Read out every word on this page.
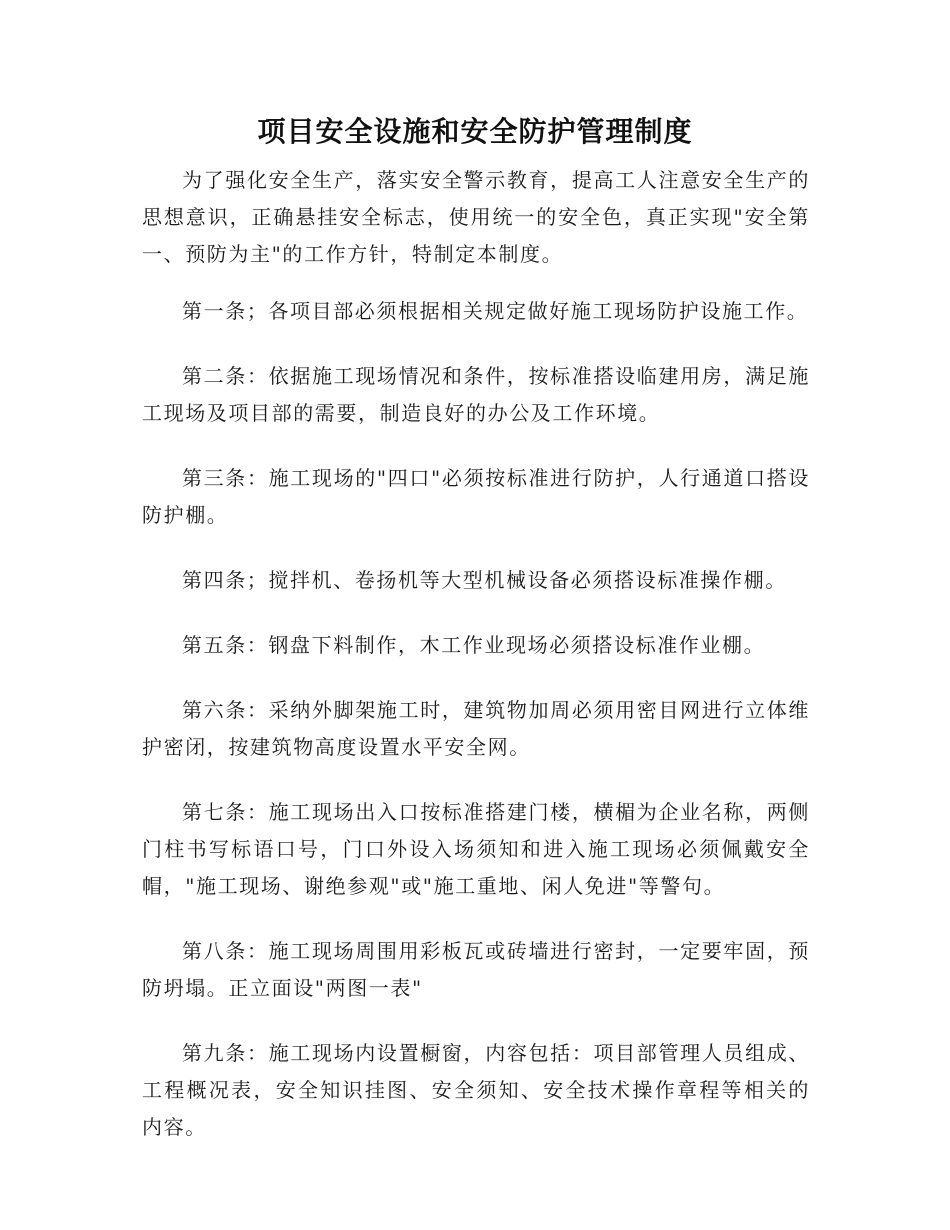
项目安全设施和安全防护管理制度

为了强化安全生产，落实安全警示教育，提高工人注意安全生产的思想意识，正确悬挂安全标志，使用统一的安全色，真正实现"安全第一、预防为主"的工作方针，特制定本制度。

第一条；各项目部必须根据相关规定做好施工现场防护设施工作。

第二条：依据施工现场情况和条件，按标准搭设临建用房，满足施工现场及项目部的需要，制造良好的办公及工作环境。

第三条：施工现场的"四口"必须按标准进行防护，人行通道口搭设防护棚。

第四条；搅拌机、卷扬机等大型机械设备必须搭设标准操作棚。

第五条：钢盘下料制作，木工作业现场必须搭设标准作业棚。

第六条：采纳外脚架施工时，建筑物加周必须用密目网进行立体维护密闭，按建筑物高度设置水平安全网。

第七条：施工现场出入口按标准搭建门楼，横楣为企业名称，两侧门柱书写标语口号，门口外设入场须知和进入施工现场必须佩戴安全帽，"施工现场、谢绝参观"或"施工重地、闲人免进"等警句。

第八条：施工现场周围用彩板瓦或砖墙进行密封，一定要牢固，预防坍塌。正立面设"两图一表"

第九条：施工现场内设置橱窗，内容包括：项目部管理人员组成、工程概况表，安全知识挂图、安全须知、安全技术操作章程等相关的内容。
